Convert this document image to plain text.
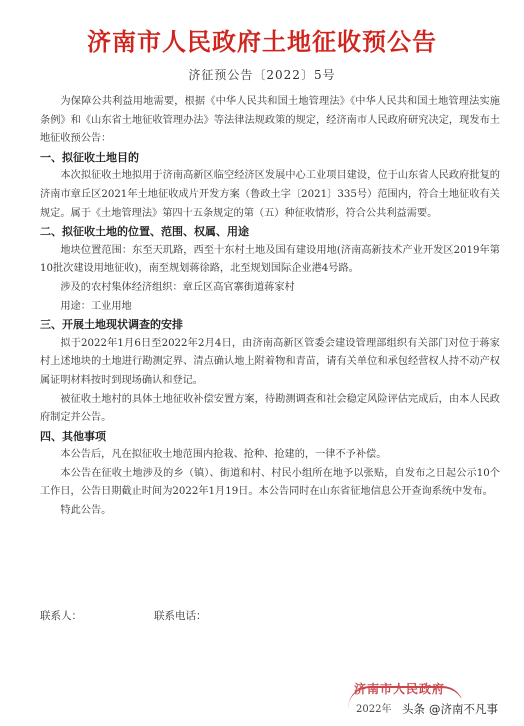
济南市人民政府土地征收预公告
济征预公告〔2022〕5号

为保障公共利益用地需要，根据《中华人民共和国土地管理法》《中华人民共和国土地管理法实施条例》和《山东省土地征收管理办法》等法律法规政策的规定，经济南市人民政府研究决定，现发布土地征收预公告：

一、拟征收土地目的

本次拟征收土地拟用于济南高新区临空经济区发展中心工业项目建设，位于山东省人民政府批复的济南市章丘区2021年土地征收成片开发方案（鲁政土字〔2021〕335号）范围内，符合土地征收有关规定。属于《土地管理法》第四十五条规定的第（五）种征收情形，符合公共利益需要。

二、拟征收土地的位置、范围、权属、用途

地块位置范围：东至天玑路，西至十东村土地及国有建设用地(济南高新技术产业开发区2019年第10批次建设用地征收)，南至规划蒋徐路，北至规划国际企业港4号路。

涉及的农村集体经济组织：章丘区高官寨街道蒋家村

用途：工业用地

三、开展土地现状调查的安排

拟于2022年1月6日至2022年2月4日，由济南高新区管委会建设管理部组织有关部门对位于蒋家村上述地块的土地进行勘测定界、清点确认地上附着物和青苗，请有关单位和承包经营权人持不动产权属证明材料按时到现场确认和登记。

被征收土地村的具体土地征收补偿安置方案，待勘测调查和社会稳定风险评估完成后，由本人民政府制定并公告。

四、其他事项

本公告后，凡在拟征收土地范围内抢栽、抢种、抢建的，一律不予补偿。

本公告在征收土地涉及的乡（镇）、街道和村、村民小组所在地予以张贴，自发布之日起公示10个工作日，公告日期截止时间为2022年1月19日。本公告同时在山东省征地信息公开查询系统中发布。

特此公告。

联系人：	联系电话：
济南市人民政府
2022年 头条 @济南不凡事
